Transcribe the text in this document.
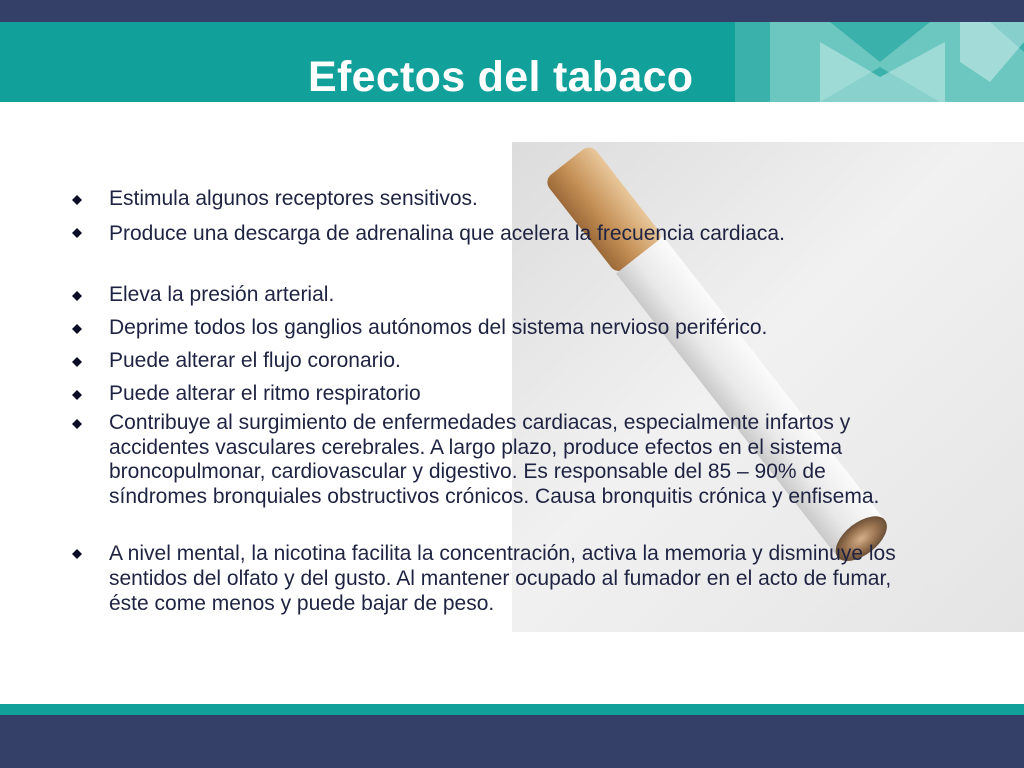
Efectos del tabaco
Estimula algunos receptores sensitivos.
Produce una descarga de adrenalina que acelera la frecuencia cardiaca.
Eleva la presión arterial.
Deprime todos los ganglios autónomos del sistema nervioso periférico.
Puede alterar el flujo coronario.
Puede alterar el ritmo respiratorio
Contribuye al surgimiento de enfermedades cardiacas, especialmente infartos y accidentes vasculares cerebrales. A largo plazo, produce efectos en el sistema broncopulmonar, cardiovascular y digestivo. Es responsable del 85 – 90% de síndromes bronquiales obstructivos crónicos. Causa bronquitis crónica y enfisema.
A nivel mental, la nicotina facilita la concentración, activa la memoria y disminuye los sentidos del olfato y del gusto. Al mantener ocupado al fumador en el acto de fumar, éste come menos y puede bajar de peso.
